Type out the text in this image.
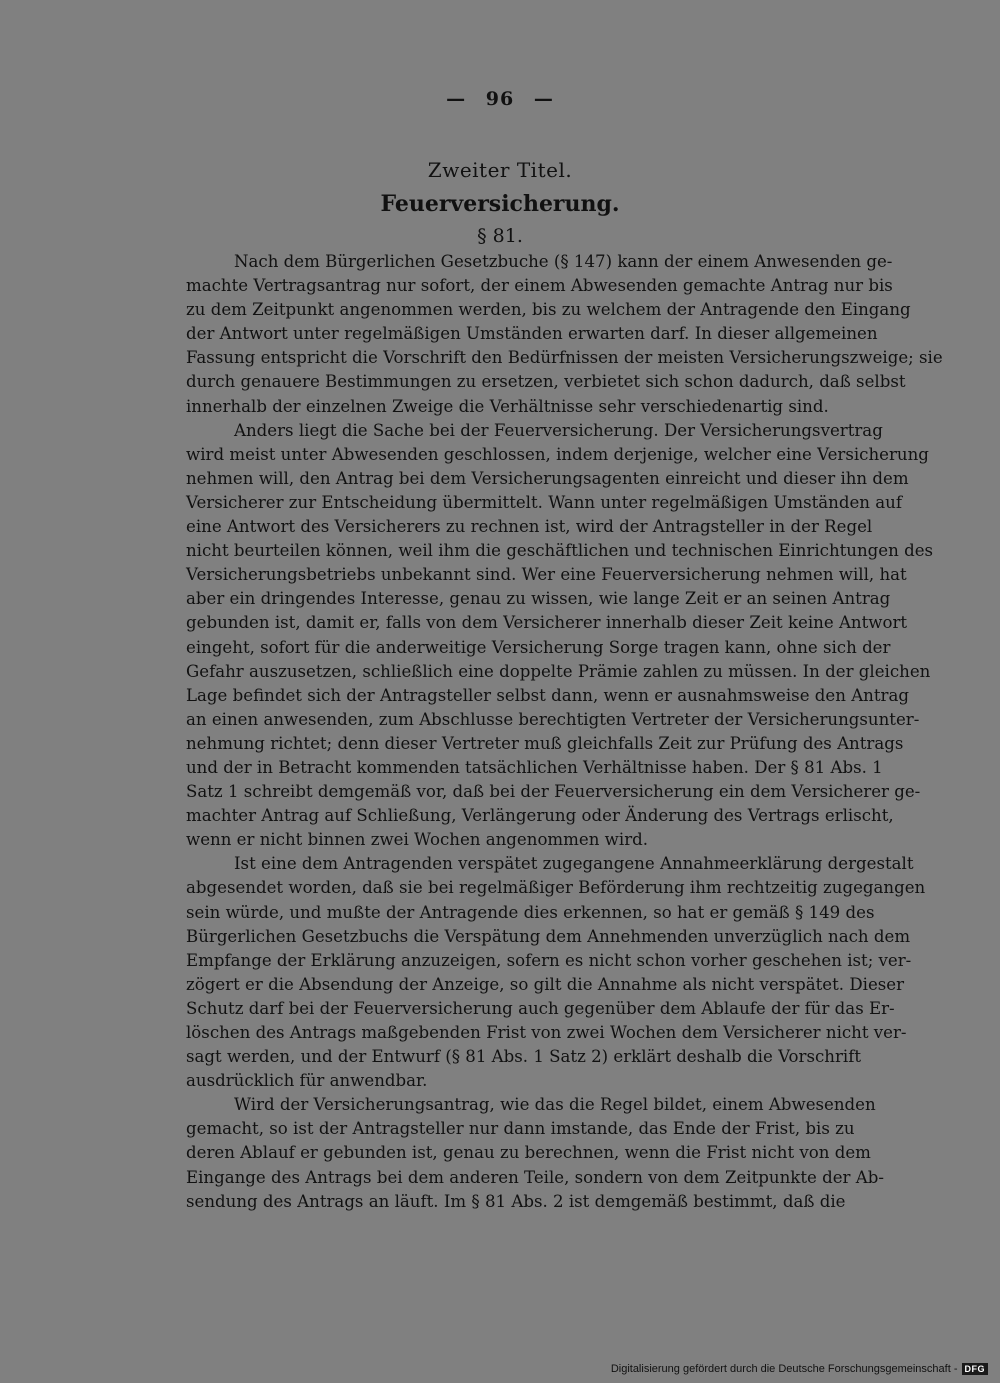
— 96 —
Zweiter Titel.
Feuerversicherung.
§ 81.
Nach dem Bürgerlichen Gesetzbuche (§ 147) kann der einem Anwesenden ge-
machte Vertragsantrag nur sofort, der einem Abwesenden gemachte Antrag nur bis
zu dem Zeitpunkt angenommen werden, bis zu welchem der Antragende den Eingang
der Antwort unter regelmäßigen Umständen erwarten darf. In dieser allgemeinen
Fassung entspricht die Vorschrift den Bedürfnissen der meisten Versicherungszweige; sie
durch genauere Bestimmungen zu ersetzen, verbietet sich schon dadurch, daß selbst
innerhalb der einzelnen Zweige die Verhältnisse sehr verschiedenartig sind.
Anders liegt die Sache bei der Feuerversicherung. Der Versicherungsvertrag
wird meist unter Abwesenden geschlossen, indem derjenige, welcher eine Versicherung
nehmen will, den Antrag bei dem Versicherungsagenten einreicht und dieser ihn dem
Versicherer zur Entscheidung übermittelt. Wann unter regelmäßigen Umständen auf
eine Antwort des Versicherers zu rechnen ist, wird der Antragsteller in der Regel
nicht beurteilen können, weil ihm die geschäftlichen und technischen Einrichtungen des
Versicherungsbetriebs unbekannt sind. Wer eine Feuerversicherung nehmen will, hat
aber ein dringendes Interesse, genau zu wissen, wie lange Zeit er an seinen Antrag
gebunden ist, damit er, falls von dem Versicherer innerhalb dieser Zeit keine Antwort
eingeht, sofort für die anderweitige Versicherung Sorge tragen kann, ohne sich der
Gefahr auszusetzen, schließlich eine doppelte Prämie zahlen zu müssen. In der gleichen
Lage befindet sich der Antragsteller selbst dann, wenn er ausnahmsweise den Antrag
an einen anwesenden, zum Abschlusse berechtigten Vertreter der Versicherungsunter-
nehmung richtet; denn dieser Vertreter muß gleichfalls Zeit zur Prüfung des Antrags
und der in Betracht kommenden tatsächlichen Verhältnisse haben. Der § 81 Abs. 1
Satz 1 schreibt demgemäß vor, daß bei der Feuerversicherung ein dem Versicherer ge-
machter Antrag auf Schließung, Verlängerung oder Änderung des Vertrags erlischt,
wenn er nicht binnen zwei Wochen angenommen wird.
Ist eine dem Antragenden verspätet zugegangene Annahmeerklärung dergestalt
abgesendet worden, daß sie bei regelmäßiger Beförderung ihm rechtzeitig zugegangen
sein würde, und mußte der Antragende dies erkennen, so hat er gemäß § 149 des
Bürgerlichen Gesetzbuchs die Verspätung dem Annehmenden unverzüglich nach dem
Empfange der Erklärung anzuzeigen, sofern es nicht schon vorher geschehen ist; ver-
zögert er die Absendung der Anzeige, so gilt die Annahme als nicht verspätet. Dieser
Schutz darf bei der Feuerversicherung auch gegenüber dem Ablaufe der für das Er-
löschen des Antrags maßgebenden Frist von zwei Wochen dem Versicherer nicht ver-
sagt werden, und der Entwurf (§ 81 Abs. 1 Satz 2) erklärt deshalb die Vorschrift
ausdrücklich für anwendbar.
Wird der Versicherungsantrag, wie das die Regel bildet, einem Abwesenden
gemacht, so ist der Antragsteller nur dann imstande, das Ende der Frist, bis zu
deren Ablauf er gebunden ist, genau zu berechnen, wenn die Frist nicht von dem
Eingange des Antrags bei dem anderen Teile, sondern von dem Zeitpunkte der Ab-
sendung des Antrags an läuft. Im § 81 Abs. 2 ist demgemäß bestimmt, daß die
Digitalisierung gefördert durch die Deutsche Forschungsgemeinschaft - DFG
